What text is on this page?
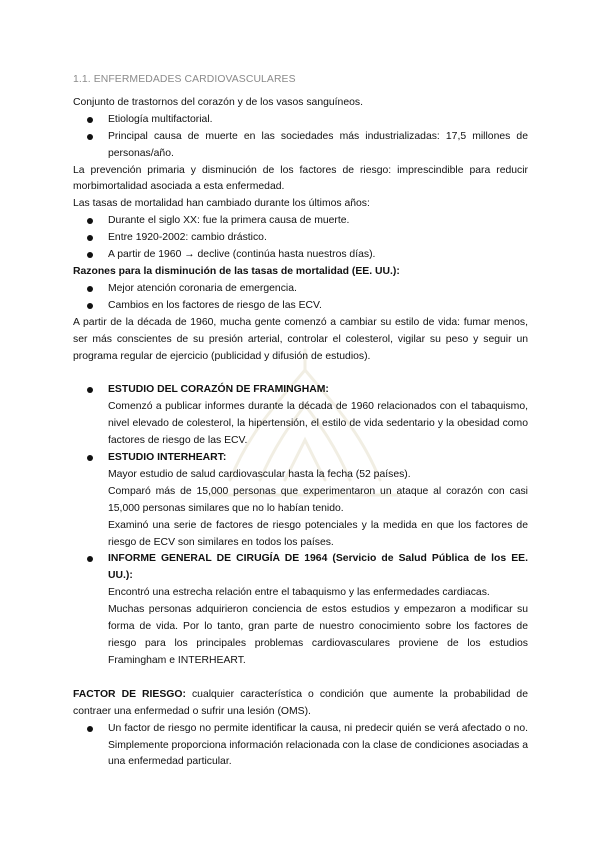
1.1. ENFERMEDADES CARDIOVASCULARES

Conjunto de trastornos del corazón y de los vasos sanguíneos.

Etiología multifactorial.
Principal causa de muerte en las sociedades más industrializadas: 17,5 millones de personas/año.

La prevención primaria y disminución de los factores de riesgo: imprescindible para reducir morbimortalidad asociada a esta enfermedad.

Las tasas de mortalidad han cambiado durante los últimos años:

Durante el siglo XX: fue la primera causa de muerte.
Entre 1920-2002: cambio drástico.
A partir de 1960 → declive (continúa hasta nuestros días).

Razones para la disminución de las tasas de mortalidad (EE. UU.):

Mejor atención coronaria de emergencia.
Cambios en los factores de riesgo de las ECV.

A partir de la década de 1960, mucha gente comenzó a cambiar su estilo de vida: fumar menos, ser más conscientes de su presión arterial, controlar el colesterol, vigilar su peso y seguir un programa regular de ejercicio (publicidad y difusión de estudios).

ESTUDIO DEL CORAZÓN DE FRAMINGHAM:

Comenzó a publicar informes durante la década de 1960 relacionados con el tabaquismo, nivel elevado de colesterol, la hipertensión, el estilo de vida sedentario y la obesidad como factores de riesgo de las ECV.

ESTUDIO INTERHEART:

Mayor estudio de salud cardiovascular hasta la fecha (52 países).

Comparó más de 15,000 personas que experimentaron un ataque al corazón con casi 15,000 personas similares que no lo habían tenido.

Examinó una serie de factores de riesgo potenciales y la medida en que los factores de riesgo de ECV son similares en todos los países.

INFORME GENERAL DE CIRUGÍA DE 1964 (Servicio de Salud Pública de los EE. UU.):

Encontró una estrecha relación entre el tabaquismo y las enfermedades cardiacas.

Muchas personas adquirieron conciencia de estos estudios y empezaron a modificar su forma de vida. Por lo tanto, gran parte de nuestro conocimiento sobre los factores de riesgo para los principales problemas cardiovasculares proviene de los estudios Framingham e INTERHEART.

FACTOR DE RIESGO: cualquier característica o condición que aumente la probabilidad de contraer una enfermedad o sufrir una lesión (OMS).

Un factor de riesgo no permite identificar la causa, ni predecir quién se verá afectado o no. Simplemente proporciona información relacionada con la clase de condiciones asociadas a una enfermedad particular.
